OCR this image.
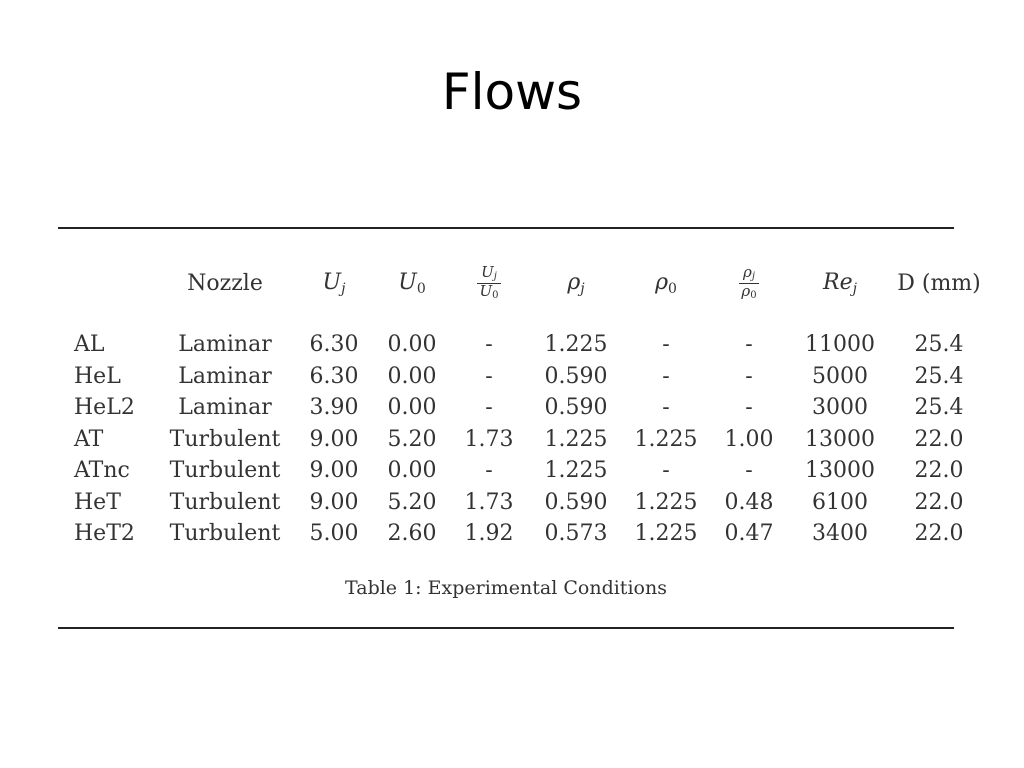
Flows
	Nozzle	$U_j$	$U_0$	$\frac{U_j}{U_0}$	$\rho_j$	$\rho_0$	$\frac{\rho_j}{\rho_0}$	$Re_j$	D (mm)

AL	Laminar	6.30	0.00	-	1.225	-	-	11000	25.4
HeL	Laminar	6.30	0.00	-	0.590	-	-	5000	25.4
HeL2	Laminar	3.90	0.00	-	0.590	-	-	3000	25.4
AT	Turbulent	9.00	5.20	1.73	1.225	1.225	1.00	13000	22.0
ATnc	Turbulent	9.00	0.00	-	1.225	-	-	13000	22.0
HeT	Turbulent	9.00	5.20	1.73	0.590	1.225	0.48	6100	22.0
HeT2	Turbulent	5.00	2.60	1.92	0.573	1.225	0.47	3400	22.0
Table 1: Experimental Conditions
